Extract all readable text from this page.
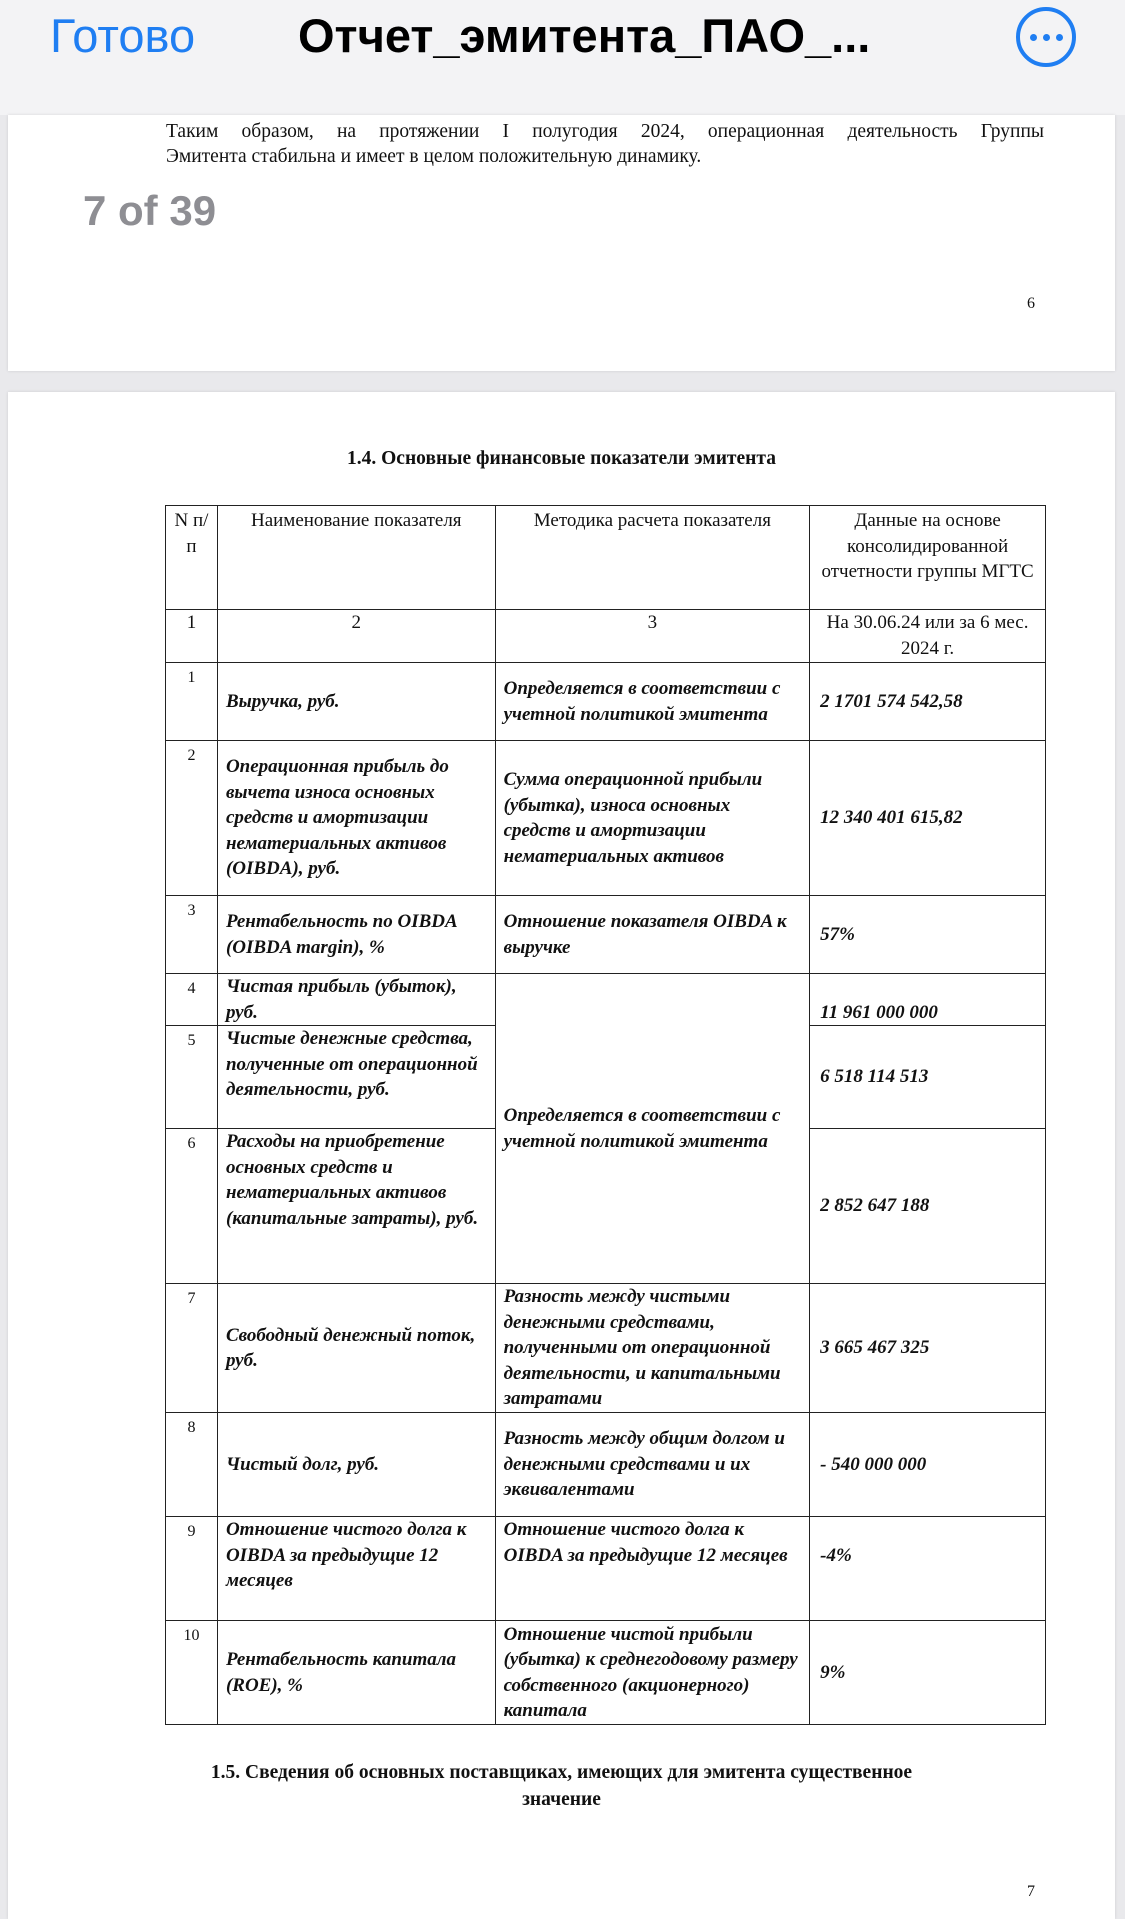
Готово Отчет_эмитента_ПАО_...
Таким образом, на протяжении I полугодия 2024, операционная деятельность Группы
Эмитента стабильна и имеет в целом положительную динамику.
6
7 of 39
1.4. Основные финансовые показатели эмитента
N п/п	Наименование показателя	Методика расчета показателя	Данные на основе консолидированной отчетности группы МГТС
1	2	3	На 30.06.24 или за 6 мес. 2024 г.
1	Выручка, руб.	Определяется в соответствии с учетной политикой эмитента	2 1701 574 542,58
2	Операционная прибыль до вычета износа основных средств и амортизации нематериальных активов (OIBDA), руб.	Сумма операционной прибыли (убытка), износа основных средств и амортизации нематериальных активов	12 340 401 615,82
3	Рентабельность по OIBDA (OIBDA margin), %	Отношение показателя OIBDA к выручке	57%
4	Чистая прибыль (убыток), руб.	Определяется в соответствии с учетной политикой эмитента	11 961 000 000
5	Чистые денежные средства, полученные от операционной деятельности, руб.		6 518 114 513
6	Расходы на приобретение основных средств и нематериальных активов (капитальные затраты), руб.		2 852 647 188
7	Свободный денежный поток, руб.	Разность между чистыми денежными средствами, полученными от операционной деятельности, и капитальными затратами	3 665 467 325
8	Чистый долг, руб.	Разность между общим долгом и денежными средствами и их эквивалентами	- 540 000 000
9	Отношение чистого долга к OIBDA за предыдущие 12 месяцев	Отношение чистого долга к OIBDA за предыдущие 12 месяцев	-4%
10	Рентабельность капитала (ROE), %	Отношение чистой прибыли (убытка) к среднегодовому размеру собственного (акционерного) капитала	9%
1.5. Сведения об основных поставщиках, имеющих для эмитента существенное
значение
7
